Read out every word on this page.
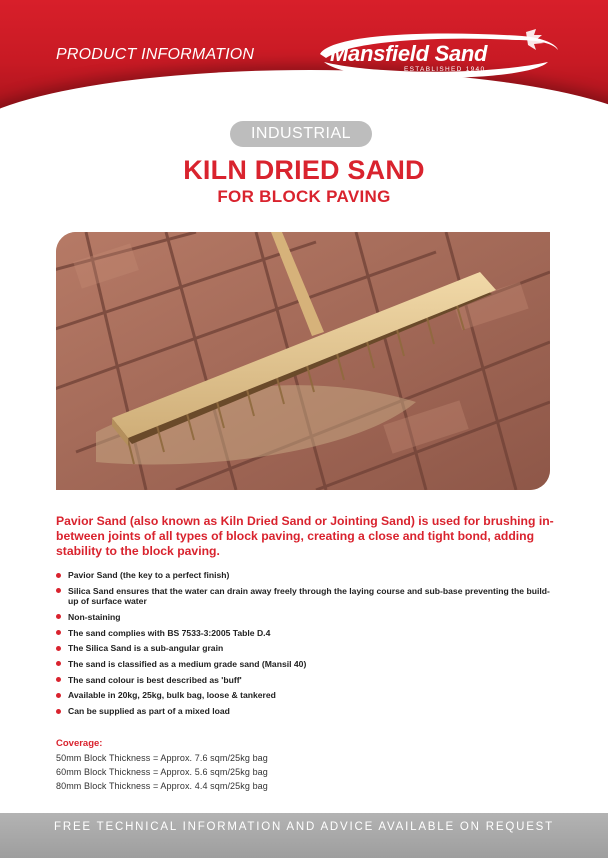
PRODUCT INFORMATION	Mansfield Sand
ESTABLISHED 1940
INDUSTRIAL
KILN DRIED SAND
FOR BLOCK PAVING
Pavior Sand (also known as Kiln Dried Sand or Jointing Sand) is used for brushing in-between joints of all types of block paving, creating a close and tight bond, adding stability to the block paving.
Pavior Sand (the key to a perfect finish)
Silica Sand ensures that the water can drain away freely through the laying course and sub-base preventing the build-up of surface water
Non-staining
The sand complies with BS 7533-3:2005 Table D.4
The Silica Sand is a sub-angular grain
The sand is classified as a medium grade sand (Mansil 40)
The sand colour is best described as 'buff'
Available in 20kg, 25kg, bulk bag, loose & tankered
Can be supplied as part of a mixed load
Coverage:
50mm Block Thickness = Approx. 7.6 sqm/25kg bag
60mm Block Thickness = Approx. 5.6 sqm/25kg bag
80mm Block Thickness = Approx. 4.4 sqm/25kg bag
FREE TECHNICAL INFORMATION AND ADVICE AVAILABLE ON REQUEST
